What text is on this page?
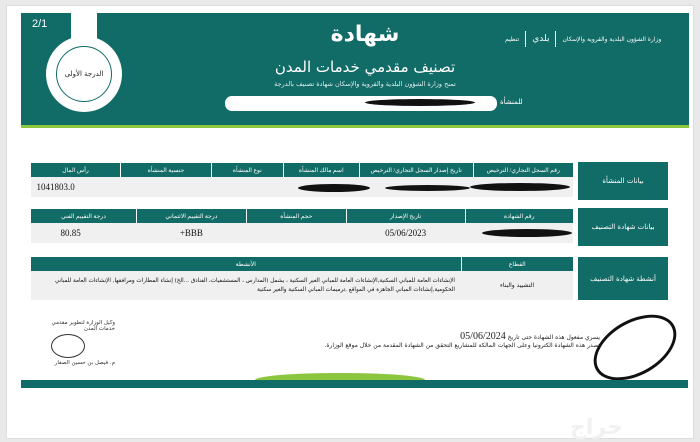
2/1
الدرجة الأولى
شهادة
تصنيف مقدمي خدمات المدن
تمنح وزارة الشؤون البلدية والقروية والإسكان شهادة تصنيف بالدرجة
للمنشأة
وزارة الشؤون البلدية والقروية والإسكان
بلدي
تنظيم
بيانات المنشأة
رقم السجل التجاري/ الترخيص	تاريخ إصدار السجل التجاري/ الترخيص	اسم مالك المنشأة	نوع المنشأة	جنسية المنشأة	رأس المال
					1041803.0
بيانات شهادة التصنيف
رقم الشهادة	تاريخ الإصدار	حجم المنشأة	درجة التقييم الائتماني	درجة التقييم الفني
	05/06/2023		BBB+	80.85
أنشطة شهادة التصنيف
القطاع	الأنشطة
التشييد والبناء	الإنشاءات العامة للمباني السكنية,الإنشاءات العامة للمباني الغير السكنية ، يشمل (المدارس ، المستشفيات، الفنادق ...الخ) إنشاء المطارات ومرافقها, الإنشاءات العامة للمباني الحكومية,إنشاءات المباني الجاهزة في المواقع ,ترميمات المباني السكنية والغير سكنية
يسري مفعول هذه الشهادة حتى تاريخ 05/06/2024
تصدر هذه الشهادة الكترونيا وعلى الجهات المالكة للمشاريع التحقق من الشهادة المقدمة من خلال موقع الوزارة.
وكيل الوزارة لتطوير مقدمي خدمات المدن
م. فيصل بن حسين الصفار
حراج
